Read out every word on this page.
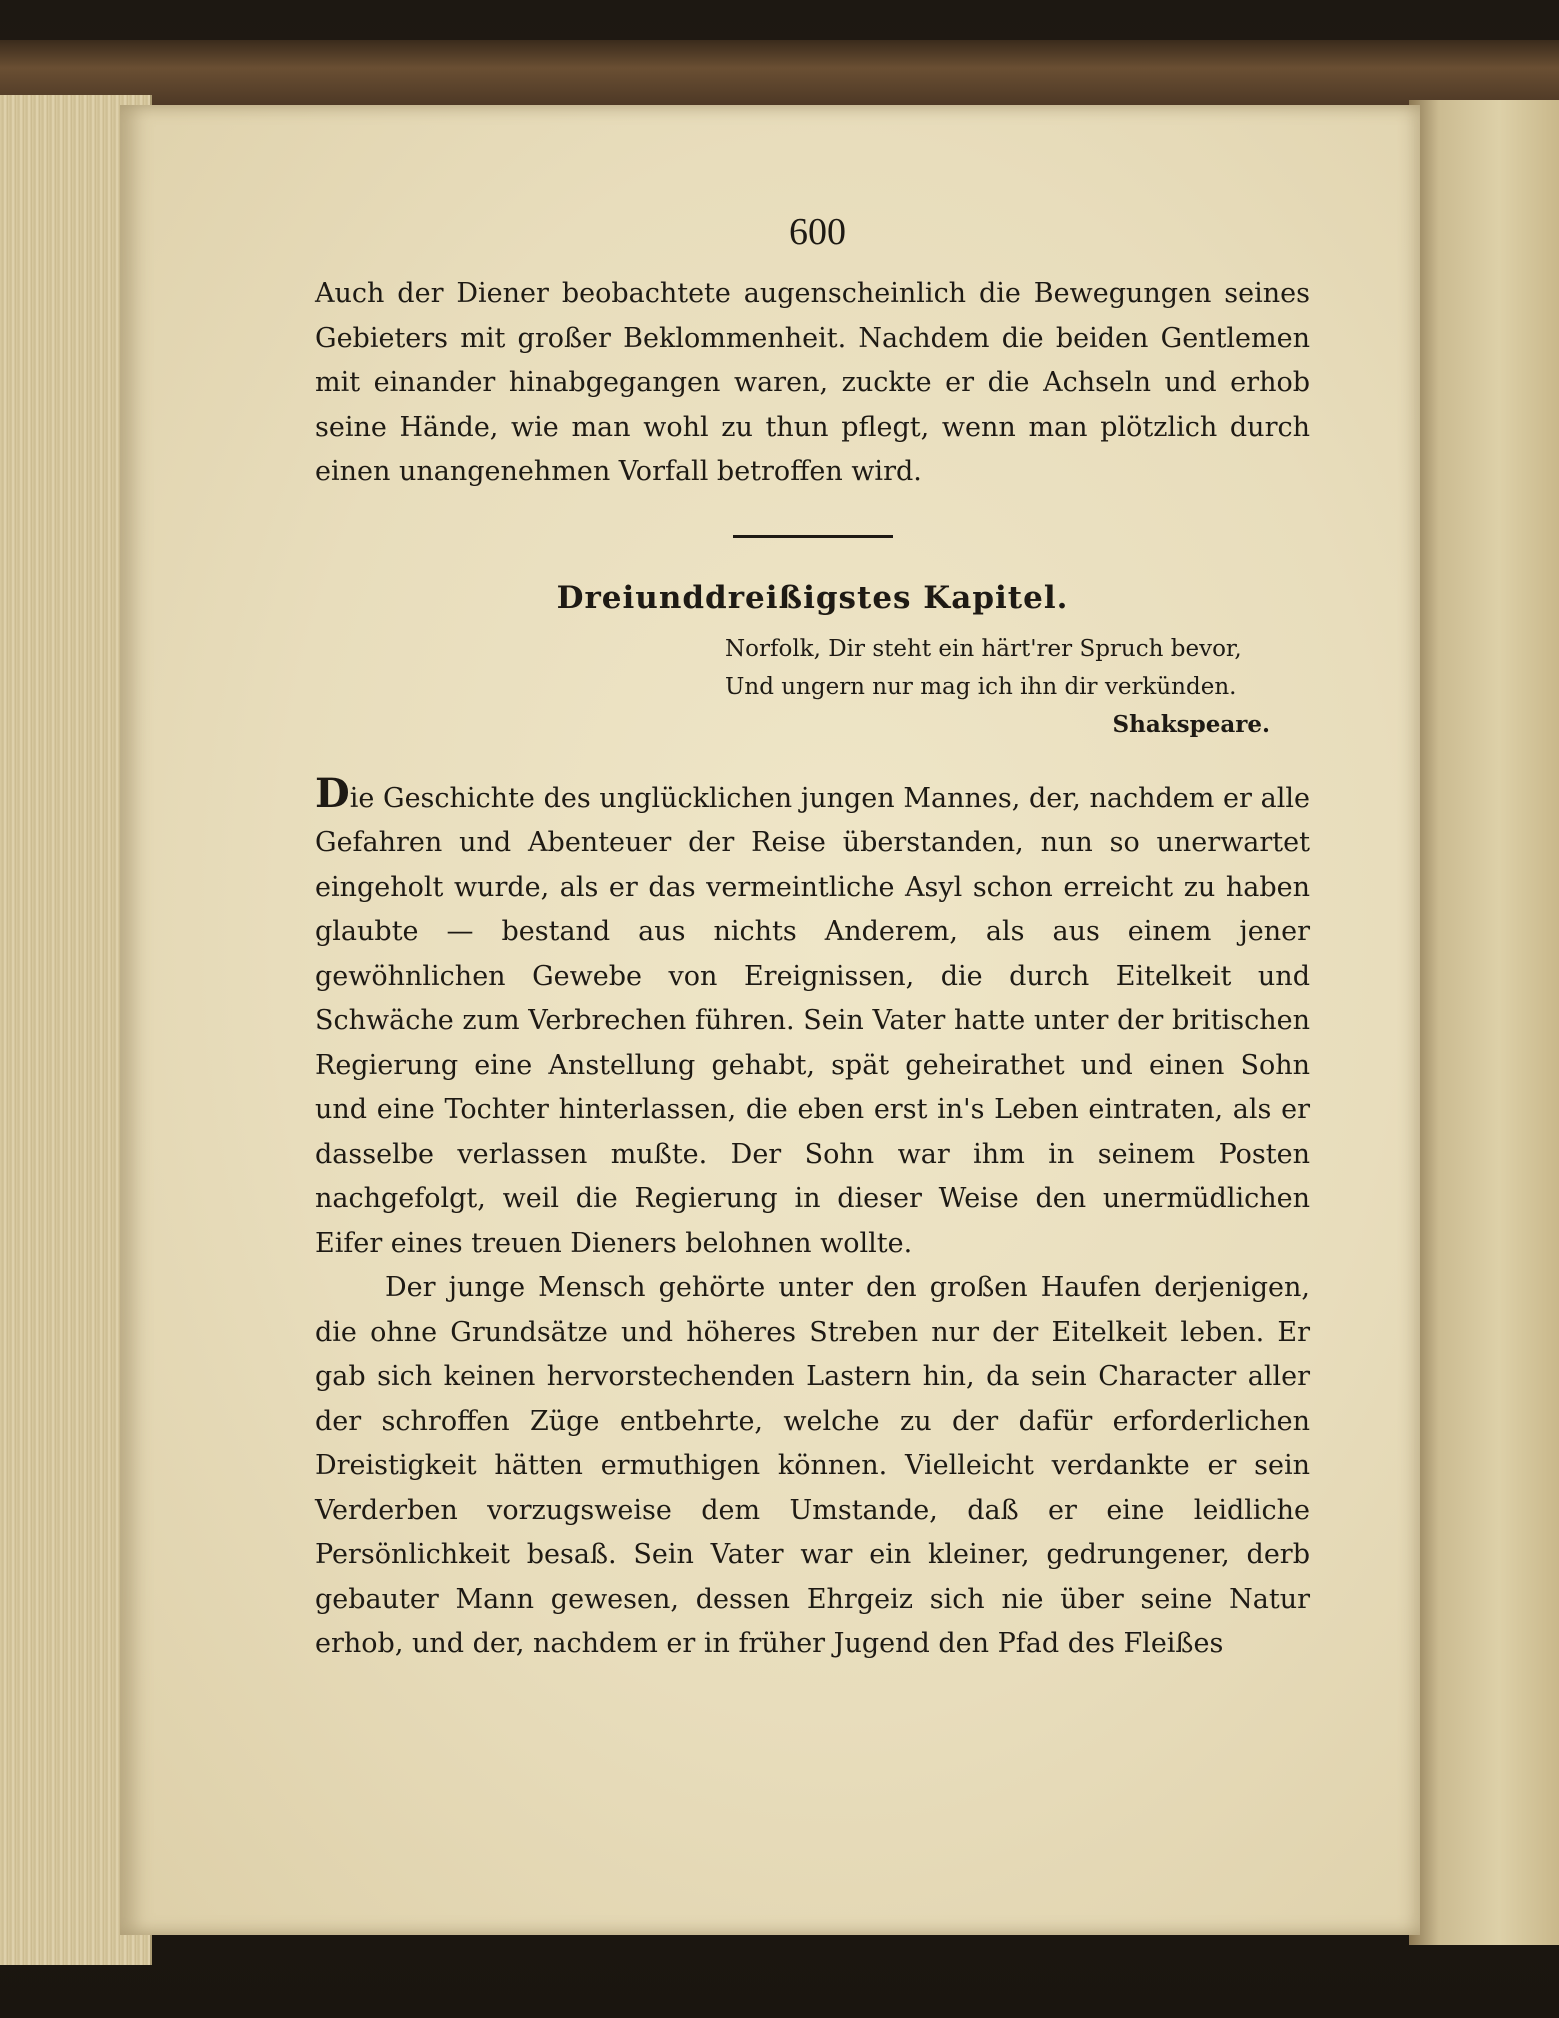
600

Auch der Diener beobachtete augenscheinlich die Bewegungen seines Gebieters mit großer Beklommenheit. Nachdem die beiden Gentlemen mit einander hinabgegangen waren, zuckte er die Achseln und erhob seine Hände, wie man wohl zu thun pflegt, wenn man plötzlich durch einen unangenehmen Vorfall betroffen wird.

Dreiunddreißigstes Kapitel.
Norfolk, Dir steht ein härt'rer Spruch bevor,
Und ungern nur mag ich ihn dir verkünden.
Shakspeare.

Die Geschichte des unglücklichen jungen Mannes, der, nachdem er alle Gefahren und Abenteuer der Reise überstanden, nun so unerwartet eingeholt wurde, als er das vermeintliche Asyl schon erreicht zu haben glaubte — bestand aus nichts Anderem, als aus einem jener gewöhnlichen Gewebe von Ereignissen, die durch Eitelkeit und Schwäche zum Verbrechen führen. Sein Vater hatte unter der britischen Regierung eine Anstellung gehabt, spät geheirathet und einen Sohn und eine Tochter hinterlassen, die eben erst in's Leben eintraten, als er dasselbe verlassen mußte. Der Sohn war ihm in seinem Posten nachgefolgt, weil die Regierung in dieser Weise den unermüdlichen Eifer eines treuen Dieners belohnen wollte.

Der junge Mensch gehörte unter den großen Haufen derjenigen, die ohne Grundsätze und höheres Streben nur der Eitelkeit leben. Er gab sich keinen hervorstechenden Lastern hin, da sein Character aller der schroffen Züge entbehrte, welche zu der dafür erforderlichen Dreistigkeit hätten ermuthigen können. Vielleicht verdankte er sein Verderben vorzugsweise dem Umstande, daß er eine leidliche Persönlichkeit besaß. Sein Vater war ein kleiner, gedrungener, derb gebauter Mann gewesen, dessen Ehrgeiz sich nie über seine Natur erhob, und der, nachdem er in früher Jugend den Pfad des Fleißes
